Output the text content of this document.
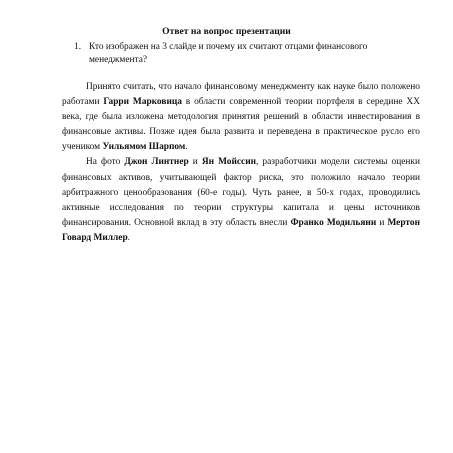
Ответ на вопрос презентации
1. Кто изображен на 3 слайде и почему их считают отцами финансового менеджмента?

Принято считать, что начало финансовому менеджменту как науке было положено работами Гарри Марковица в области современной теории портфеля в середине XX века, где была изложена методология принятия решений в области инвестирования в финансовые активы. Позже идея была развита и переведена в практическое русло его учеником Уильямом Шарпом.

На фото Джон Линтнер и Ян Мойссин, разработчики модели системы оценки финансовых активов, учитывающей фактор риска, это положило начало теории арбитражного ценообразования (60-е годы). Чуть ранее, в 50-х годах, проводились активные исследования по теории структуры капитала и цены источников финансирования. Основной вклад в эту область внесли Франко Модильяни и Мертон Говард Миллер.
